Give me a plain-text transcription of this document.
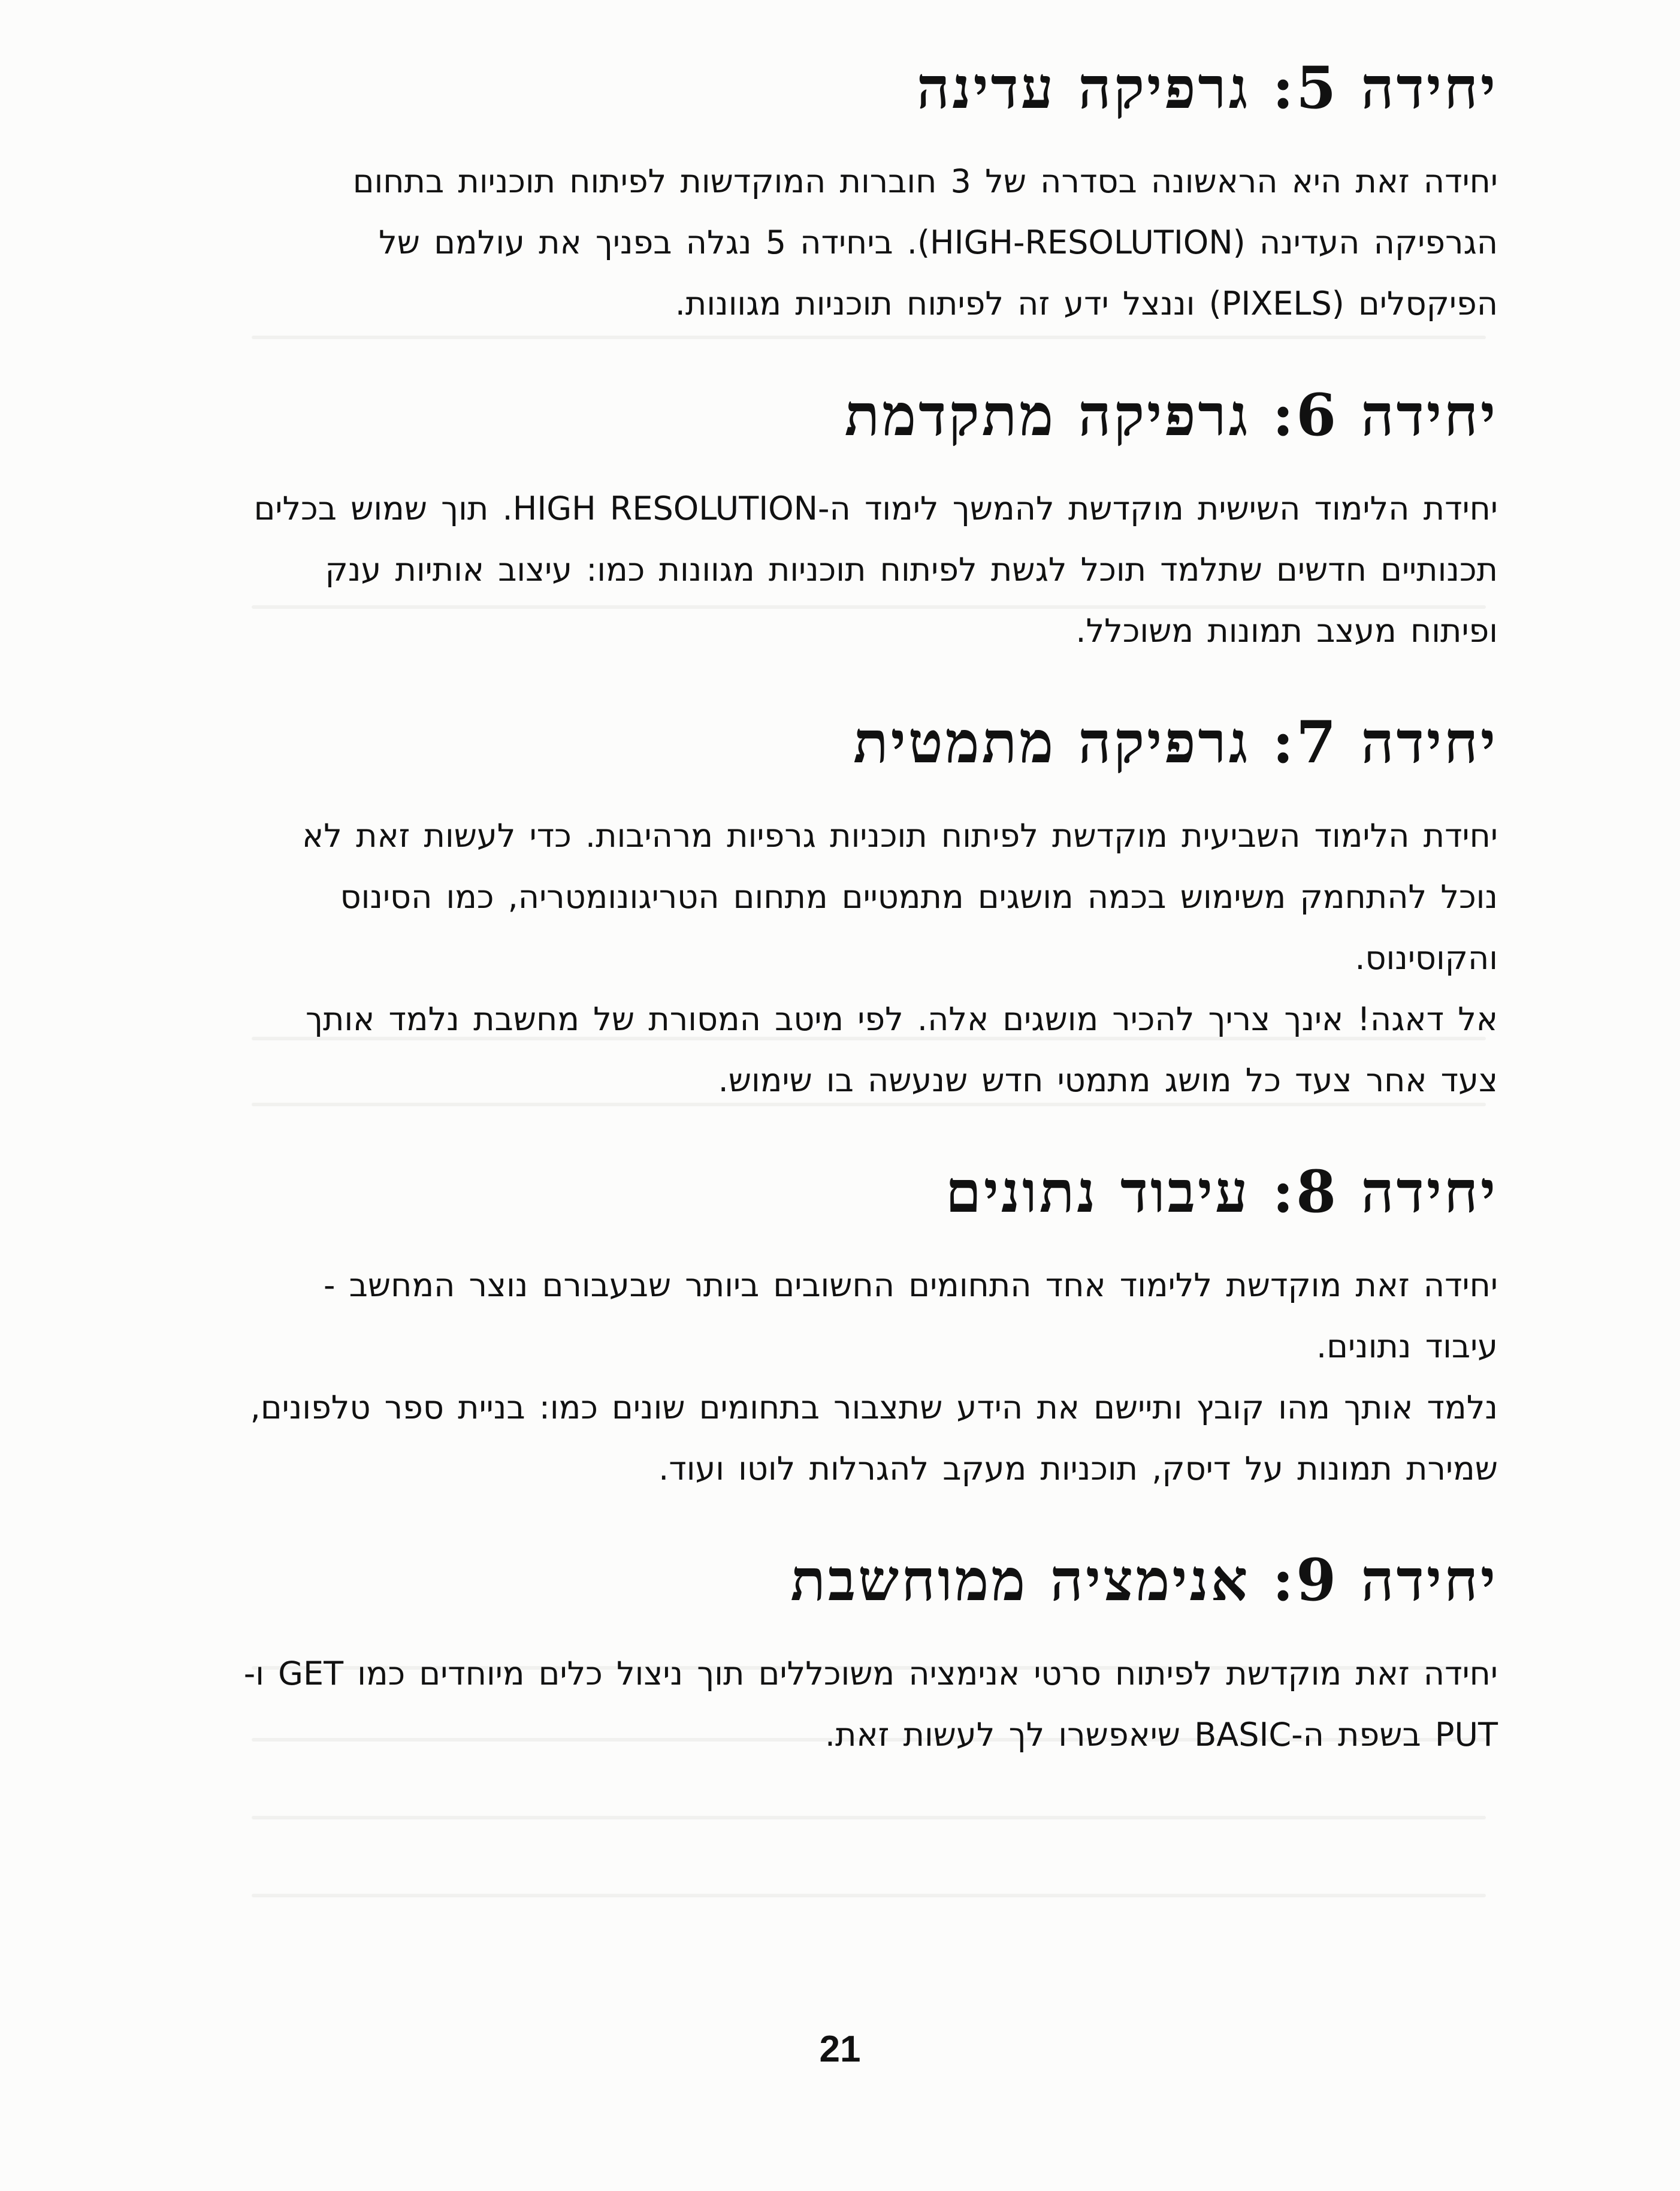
יחידה 5: גרפיקה עדינה

יחידה זאת היא הראשונה בסדרה של 3 חוברות המוקדשות לפיתוח תוכניות בתחום הגרפיקה העדינה (HIGH-RESOLUTION). ביחידה 5 נגלה בפניך את עולמם של הפיקסלים (PIXELS) וננצל ידע זה לפיתוח תוכניות מגוונות.

יחידה 6: גרפיקה מתקדמת

יחידת הלימוד השישית מוקדשת להמשך לימוד ה-HIGH RESOLUTION. תוך שמוש בכלים תכנותיים חדשים שתלמד תוכל לגשת לפיתוח תוכניות מגוונות כמו: עיצוב אותיות ענק ופיתוח מעצב תמונות משוכלל.

יחידה 7: גרפיקה מתמטית

יחידת הלימוד השביעית מוקדשת לפיתוח תוכניות גרפיות מרהיבות. כדי לעשות זאת לא נוכל להתחמק משימוש בכמה מושגים מתמטיים מתחום הטריגונומטריה, כמו הסינוס והקוסינוס.

אל דאגה! אינך צריך להכיר מושגים אלה. לפי מיטב המסורת של מחשבת נלמד אותך צעד אחר צעד כל מושג מתמטי חדש שנעשה בו שימוש.

יחידה 8: עיבוד נתונים

יחידה זאת מוקדשת ללימוד אחד התחומים החשובים ביותר שבעבורם נוצר המחשב - עיבוד נתונים.

נלמד אותך מהו קובץ ותיישם את הידע שתצבור בתחומים שונים כמו: בניית ספר טלפונים, שמירת תמונות על דיסק, תוכניות מעקב להגרלות לוטו ועוד.

יחידה 9: אנימציה ממוחשבת

יחידה זאת מוקדשת לפיתוח סרטי אנימציה משוכללים תוך ניצול כלים מיוחדים כמו GET ו- PUT בשפת ה-BASIC שיאפשרו לך לעשות זאת.

21
